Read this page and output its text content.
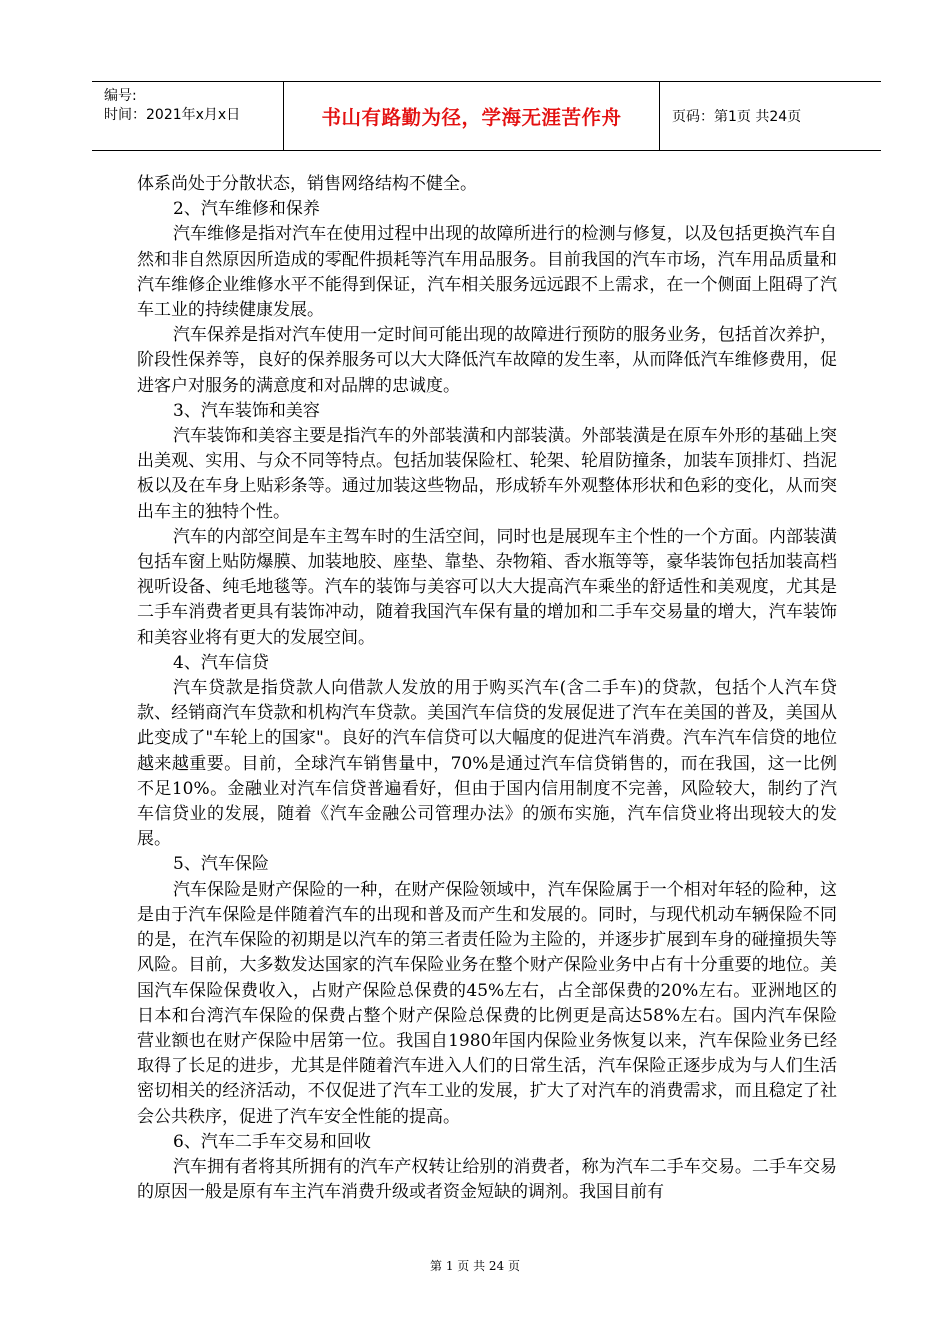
编号:
时间：2021年x月x日	书山有路勤为径，学海无涯苦作舟	页码：第1页 共24页

体系尚处于分散状态，销售网络结构不健全。

2、汽车维修和保养

汽车维修是指对汽车在使用过程中出现的故障所进行的检测与修复，以及包括更换汽车自然和非自然原因所造成的零配件损耗等汽车用品服务。目前我国的汽车市场，汽车用品质量和汽车维修企业维修水平不能得到保证，汽车相关服务远远跟不上需求，在一个侧面上阻碍了汽车工业的持续健康发展。

汽车保养是指对汽车使用一定时间可能出现的故障进行预防的服务业务，包括首次养护，阶段性保养等，良好的保养服务可以大大降低汽车故障的发生率，从而降低汽车维修费用，促进客户对服务的满意度和对品牌的忠诚度。

3、汽车装饰和美容

汽车装饰和美容主要是指汽车的外部装潢和内部装潢。外部装潢是在原车外形的基础上突出美观、实用、与众不同等特点。包括加装保险杠、轮架、轮眉防撞条，加装车顶排灯、挡泥板以及在车身上贴彩条等。通过加装这些物品，形成轿车外观整体形状和色彩的变化，从而突出车主的独特个性。

汽车的内部空间是车主驾车时的生活空间，同时也是展现车主个性的一个方面。内部装潢包括车窗上贴防爆膜、加装地胶、座垫、靠垫、杂物箱、香水瓶等等，豪华装饰包括加装高档视听设备、纯毛地毯等。汽车的装饰与美容可以大大提高汽车乘坐的舒适性和美观度，尤其是二手车消费者更具有装饰冲动，随着我国汽车保有量的增加和二手车交易量的增大，汽车装饰和美容业将有更大的发展空间。

4、汽车信贷

汽车贷款是指贷款人向借款人发放的用于购买汽车(含二手车)的贷款，包括个人汽车贷款、经销商汽车贷款和机构汽车贷款。美国汽车信贷的发展促进了汽车在美国的普及，美国从此变成了"车轮上的国家"。良好的汽车信贷可以大幅度的促进汽车消费。汽车汽车信贷的地位越来越重要。目前，全球汽车销售量中，70%是通过汽车信贷销售的，而在我国，这一比例不足10%。金融业对汽车信贷普遍看好，但由于国内信用制度不完善，风险较大，制约了汽车信贷业的发展，随着《汽车金融公司管理办法》的颁布实施，汽车信贷业将出现较大的发展。

5、汽车保险

汽车保险是财产保险的一种，在财产保险领域中，汽车保险属于一个相对年轻的险种，这是由于汽车保险是伴随着汽车的出现和普及而产生和发展的。同时，与现代机动车辆保险不同的是，在汽车保险的初期是以汽车的第三者责任险为主险的，并逐步扩展到车身的碰撞损失等风险。目前，大多数发达国家的汽车保险业务在整个财产保险业务中占有十分重要的地位。美国汽车保险保费收入，占财产保险总保费的45%左右，占全部保费的20%左右。亚洲地区的日本和台湾汽车保险的保费占整个财产保险总保费的比例更是高达58%左右。国内汽车保险营业额也在财产保险中居第一位。我国自1980年国内保险业务恢复以来，汽车保险业务已经取得了长足的进步，尤其是伴随着汽车进入人们的日常生活，汽车保险正逐步成为与人们生活密切相关的经济活动，不仅促进了汽车工业的发展，扩大了对汽车的消费需求，而且稳定了社会公共秩序，促进了汽车安全性能的提高。

6、汽车二手车交易和回收

汽车拥有者将其所拥有的汽车产权转让给别的消费者，称为汽车二手车交易。二手车交易的原因一般是原有车主汽车消费升级或者资金短缺的调剂。我国目前有

第 1 页 共 24 页
